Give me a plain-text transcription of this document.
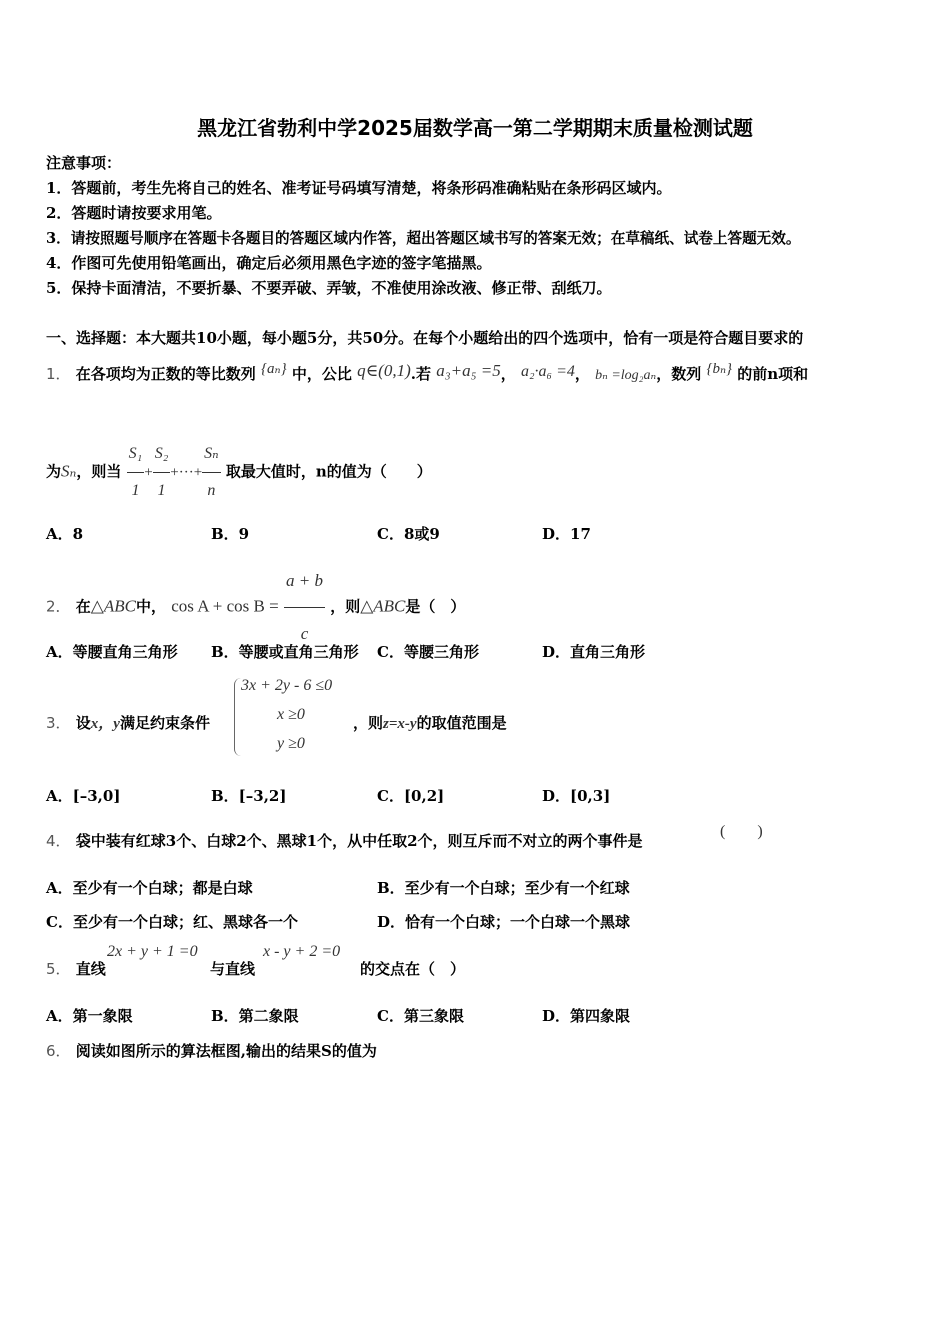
黑龙江省勃利中学2025届数学高一第二学期期末质量检测试题
注意事项：
1．答题前，考生先将自己的姓名、准考证号码填写清楚，将条形码准确粘贴在条形码区域内。
2．答题时请按要求用笔。
3．请按照题号顺序在答题卡各题目的答题区域内作答，超出答题区域书写的答案无效；在草稿纸、试卷上答题无效。
4．作图可先使用铅笔画出，确定后必须用黑色字迹的签字笔描黑。
5．保持卡面清洁，不要折暴、不要弄破、弄皱，不准使用涂改液、修正带、刮纸刀。
一、选择题：本大题共10小题，每小题5分，共50分。在每个小题给出的四个选项中，恰有一项是符合题目要求的
1． 在各项均为正数的等比数列 {aₙ} 中，公比 q∈(0,1).若 a₃+a₅ =5， a₂·a₆ =4， bₙ =log₂aₙ，数列 {bₙ} 的前n项和
为Sₙ，则当 $\frac{\text{S₁}}{1} + \frac{\text{S₂}}{1}$ +···+ $\frac{\text{Sₙ}}{n}$ 取最大值时，n的值为（　　）
A．8	B．9	C．8或9	D．17
2． 在△ABC中， $\cos A + \cos B = \frac{a + b}{c}$ ，则△ABC是（　）
A．等腰直角三角形 B．等腰或直角三角形 C．等腰三角形	D．直角三角形
3． 设x，y满足约束条件
3x + 2y - 6 ≤0
x ≥0
y ≥0
，则z=x-y的取值范围是
A．[–3,0]	B．[–3,2]	C．[0,2]	D．[0,3]
4． 袋中装有红球3个、白球2个、黑球1个，从中任取2个，则互斥而不对立的两个事件是
(　　)
A．至少有一个白球；都是白球	B．至少有一个白球；至少有一个红球
C．至少有一个白球；红、黑球各一个	D．恰有一个白球；一个白球一个黑球
5． 直线
2x + y + 1 =0
与直线
x - y + 2 =0
的交点在（　）
A．第一象限	B．第二象限	C．第三象限	D．第四象限
6． 阅读如图所示的算法框图,输出的结果S的值为
